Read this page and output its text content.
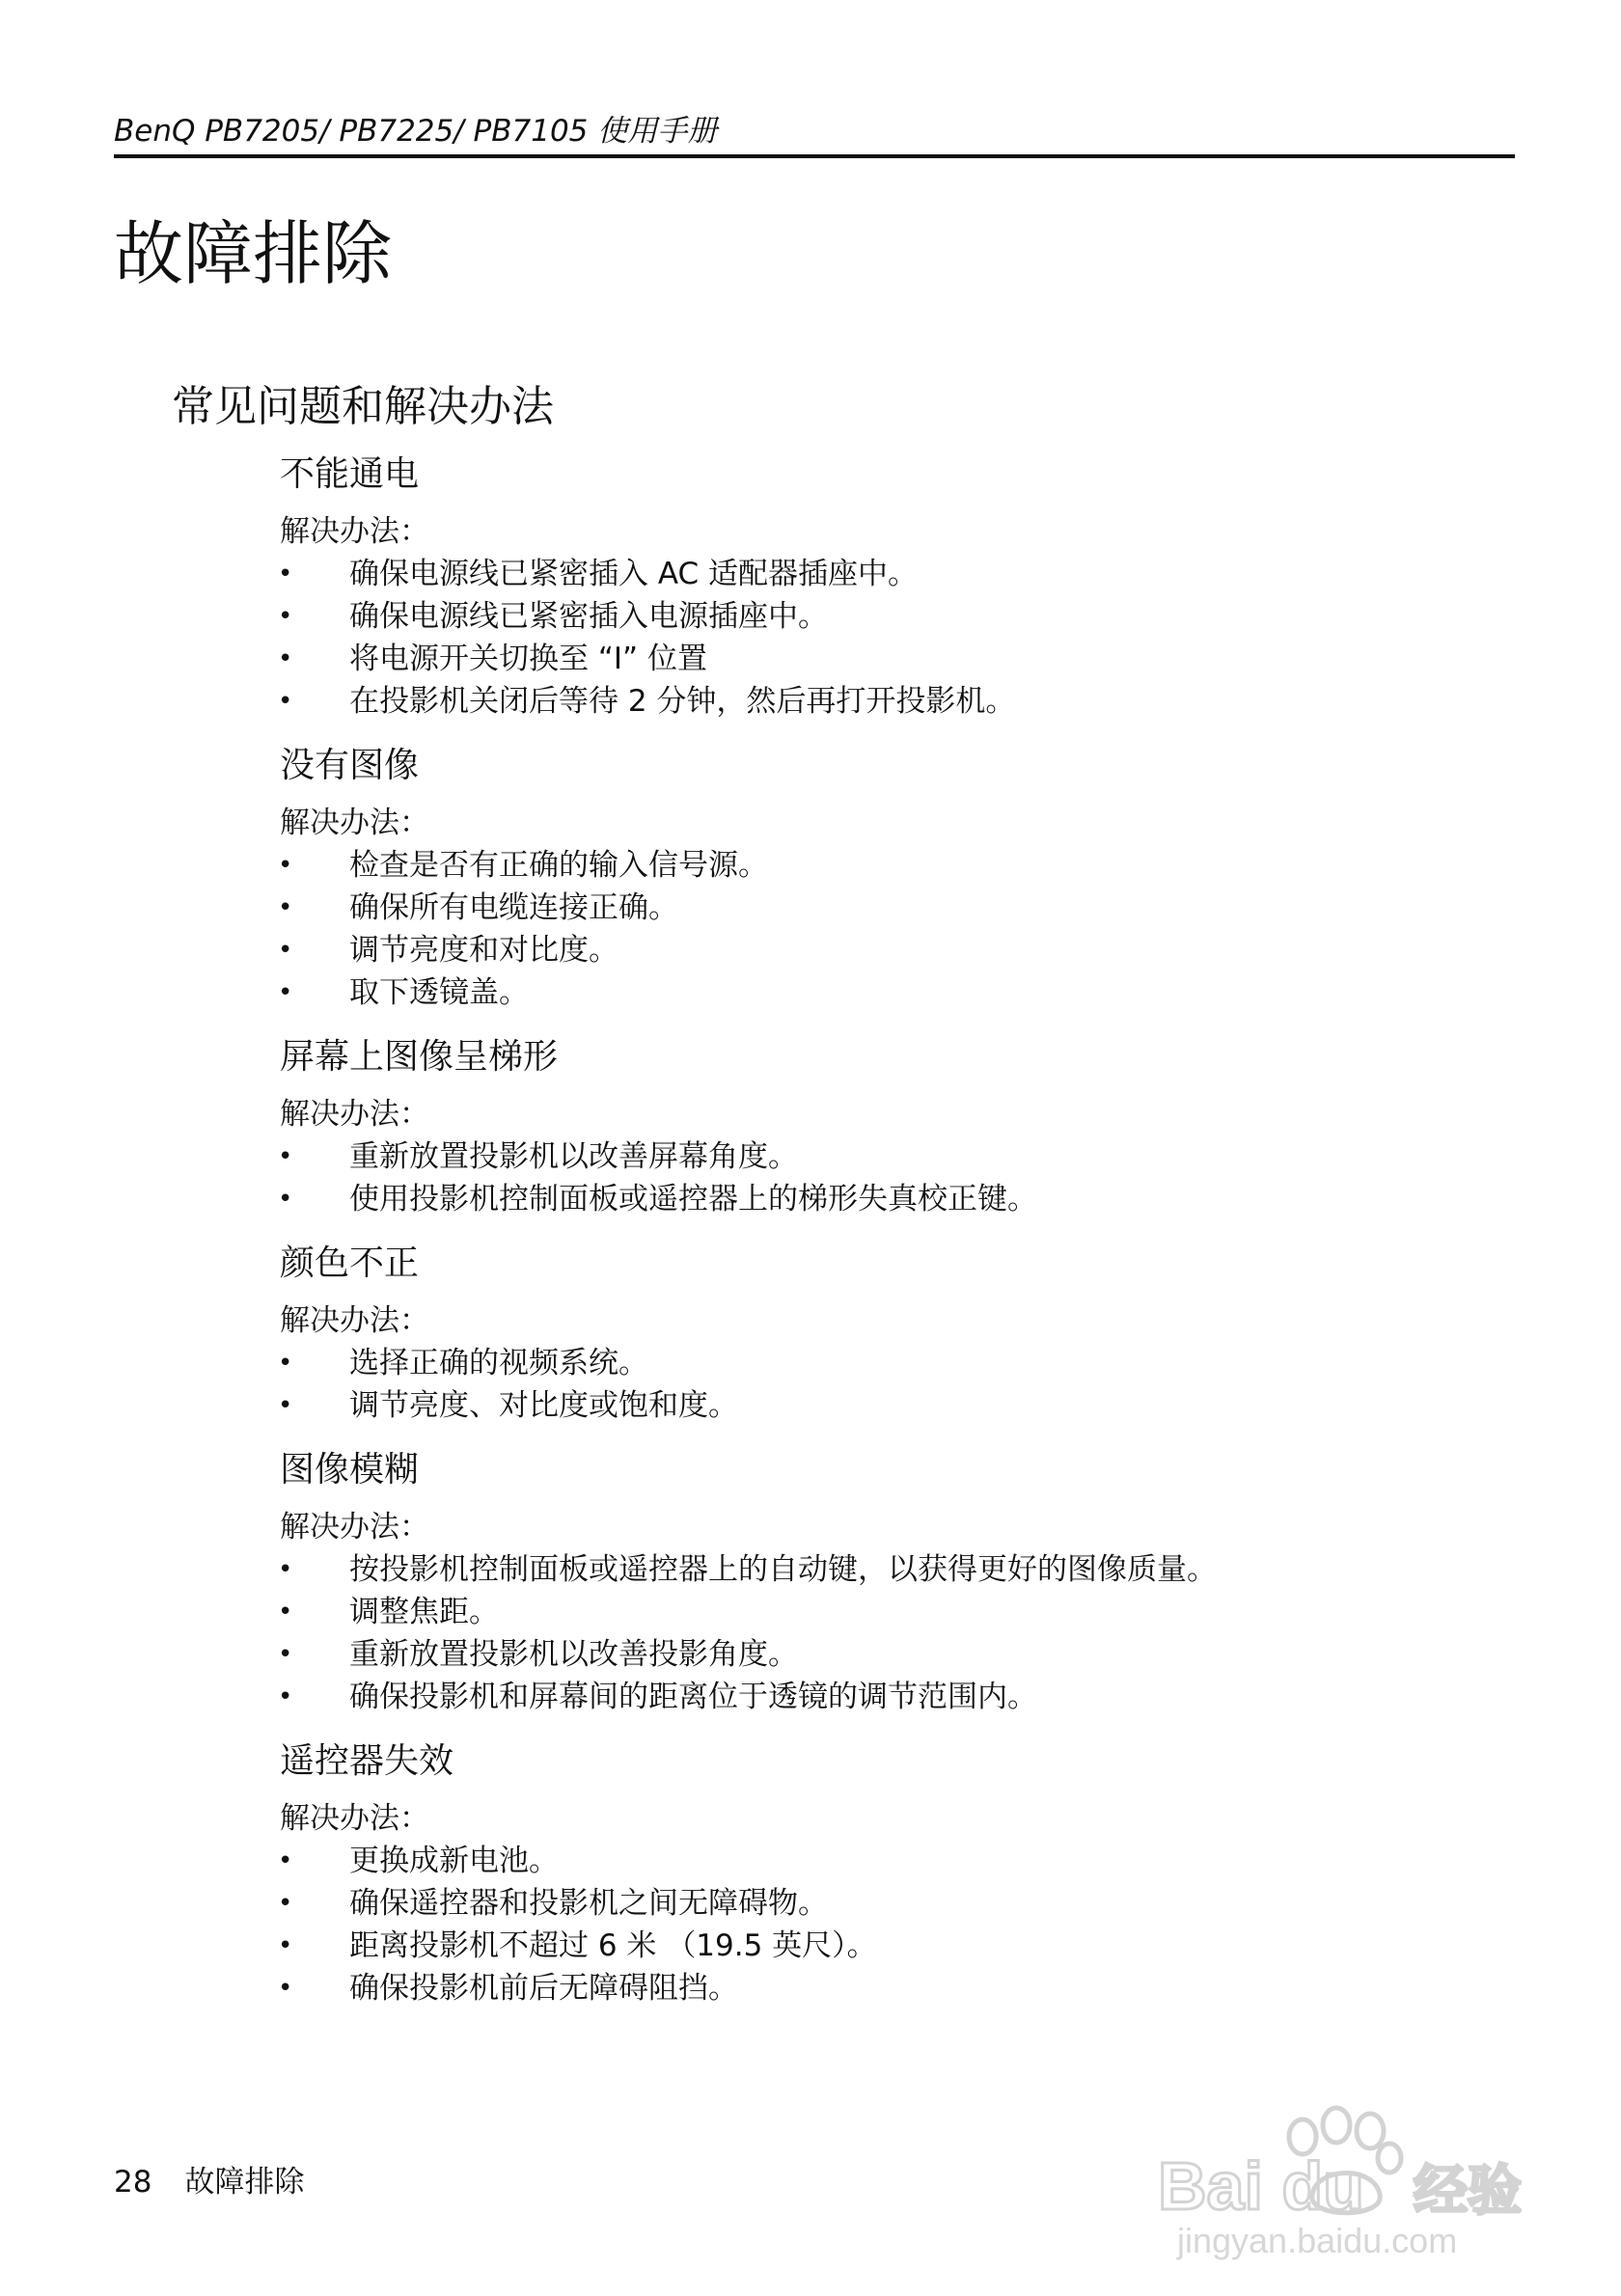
BenQ PB7205/ PB7225/ PB7105 使用手册
故障排除
常见问题和解决办法
不能通电
解决办法：
• 确保电源线已紧密插入 AC 适配器插座中。
• 确保电源线已紧密插入电源插座中。
• 将电源开关切换至 “I” 位置
• 在投影机关闭后等待 2 分钟，然后再打开投影机。
没有图像
解决办法：
• 检查是否有正确的输入信号源。
• 确保所有电缆连接正确。
• 调节亮度和对比度。
• 取下透镜盖。
屏幕上图像呈梯形
解决办法：
• 重新放置投影机以改善屏幕角度。
• 使用投影机控制面板或遥控器上的梯形失真校正键。
颜色不正
解决办法：
• 选择正确的视频系统。
• 调节亮度、对比度或饱和度。
图像模糊
解决办法：
• 按投影机控制面板或遥控器上的自动键，以获得更好的图像质量。
• 调整焦距。
• 重新放置投影机以改善投影角度。
• 确保投影机和屏幕间的距离位于透镜的调节范围内。
遥控器失效
解决办法：
• 更换成新电池。
• 确保遥控器和投影机之间无障碍物。
• 距离投影机不超过 6 米 （19.5 英尺）。
• 确保投影机前后无障碍阻挡。
28 故障排除	Bai du 经验
jingyan.baidu.com
